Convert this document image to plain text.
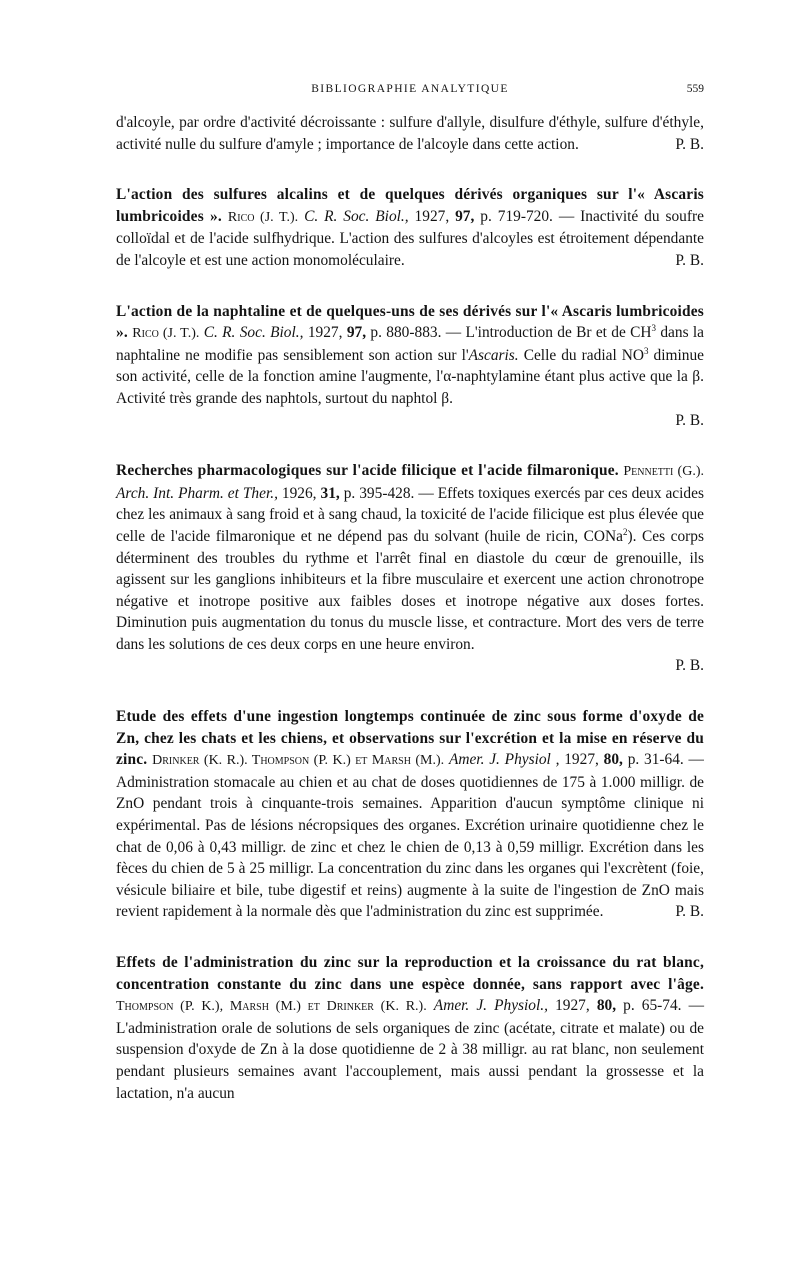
BIBLIOGRAPHIE ANALYTIQUE	559

d'alcoyle, par ordre d'activité décroissante : sulfure d'allyle, disulfure d'éthyle, sulfure d'éthyle, activité nulle du sulfure d'amyle ; importance de l'alcoyle dans cette action.	P. B.

L'action des sulfures alcalins et de quelques dérivés organiques sur l'« Ascaris lumbricoides ». Rico (J. T.). C. R. Soc. Biol., 1927, 97, p. 719-720. — Inactivité du soufre colloïdal et de l'acide sulfhydrique. L'action des sulfures d'alcoyles est étroitement dépendante de l'alcoyle et est une action monomoléculaire.	P. B.

L'action de la naphtaline et de quelques-uns de ses dérivés sur l'« Ascaris lumbricoides ». Rico (J. T.). C. R. Soc. Biol., 1927, 97, p. 880-883. — L'introduction de Br et de $CH^3$ dans la naphtaline ne modifie pas sensiblement son action sur l'Ascaris. Celle du radial $NO^3$ diminue son activité, celle de la fonction amine l'augmente, l'α-naphtylamine étant plus active que la β. Activité très grande des naphtols, surtout du naphtol β.

P. B.

Recherches pharmacologiques sur l'acide filicique et l'acide filmaronique. Pennetti (G.). Arch. Int. Pharm. et Ther., 1926, 31, p. 395-428. — Effets toxiques exercés par ces deux acides chez les animaux à sang froid et à sang chaud, la toxicité de l'acide filicique est plus élevée que celle de l'acide filmaronique et ne dépend pas du solvant (huile de ricin, CONa$^2$). Ces corps déterminent des troubles du rythme et l'arrêt final en diastole du cœur de grenouille, ils agissent sur les ganglions inhibiteurs et la fibre musculaire et exercent une action chronotrope négative et inotrope positive aux faibles doses et inotrope négative aux doses fortes. Diminution puis augmentation du tonus du muscle lisse, et contracture. Mort des vers de terre dans les solutions de ces deux corps en une heure environ.

P. B.

Etude des effets d'une ingestion longtemps continuée de zinc sous forme d'oxyde de Zn, chez les chats et les chiens, et observations sur l'excrétion et la mise en réserve du zinc. Drinker (K. R.). Thompson (P. K.) et Marsh (M.). Amer. J. Physiol , 1927, 80, p. 31-64. — Administration stomacale au chien et au chat de doses quotidiennes de 175 à 1.000 milligr. de ZnO pendant trois à cinquante-trois semaines. Apparition d'aucun symptôme clinique ni expérimental. Pas de lésions nécropsiques des organes. Excrétion urinaire quotidienne chez le chat de 0,06 à 0,43 milligr. de zinc et chez le chien de 0,13 à 0,59 milligr. Excrétion dans les fèces du chien de 5 à 25 milligr. La concentration du zinc dans les organes qui l'excrètent (foie, vésicule biliaire et bile, tube digestif et reins) augmente à la suite de l'ingestion de ZnO mais revient rapidement à la normale dès que l'administration du zinc est supprimée.	P. B.

Effets de l'administration du zinc sur la reproduction et la croissance du rat blanc, concentration constante du zinc dans une espèce donnée, sans rapport avec l'âge. Thompson (P. K.), Marsh (M.) et Drinker (K. R.). Amer. J. Physiol., 1927, 80, p. 65-74. — L'administration orale de solutions de sels organiques de zinc (acétate, citrate et malate) ou de suspension d'oxyde de Zn à la dose quotidienne de 2 à 38 milligr. au rat blanc, non seulement pendant plusieurs semaines avant l'accouplement, mais aussi pendant la grossesse et la lactation, n'a aucun
